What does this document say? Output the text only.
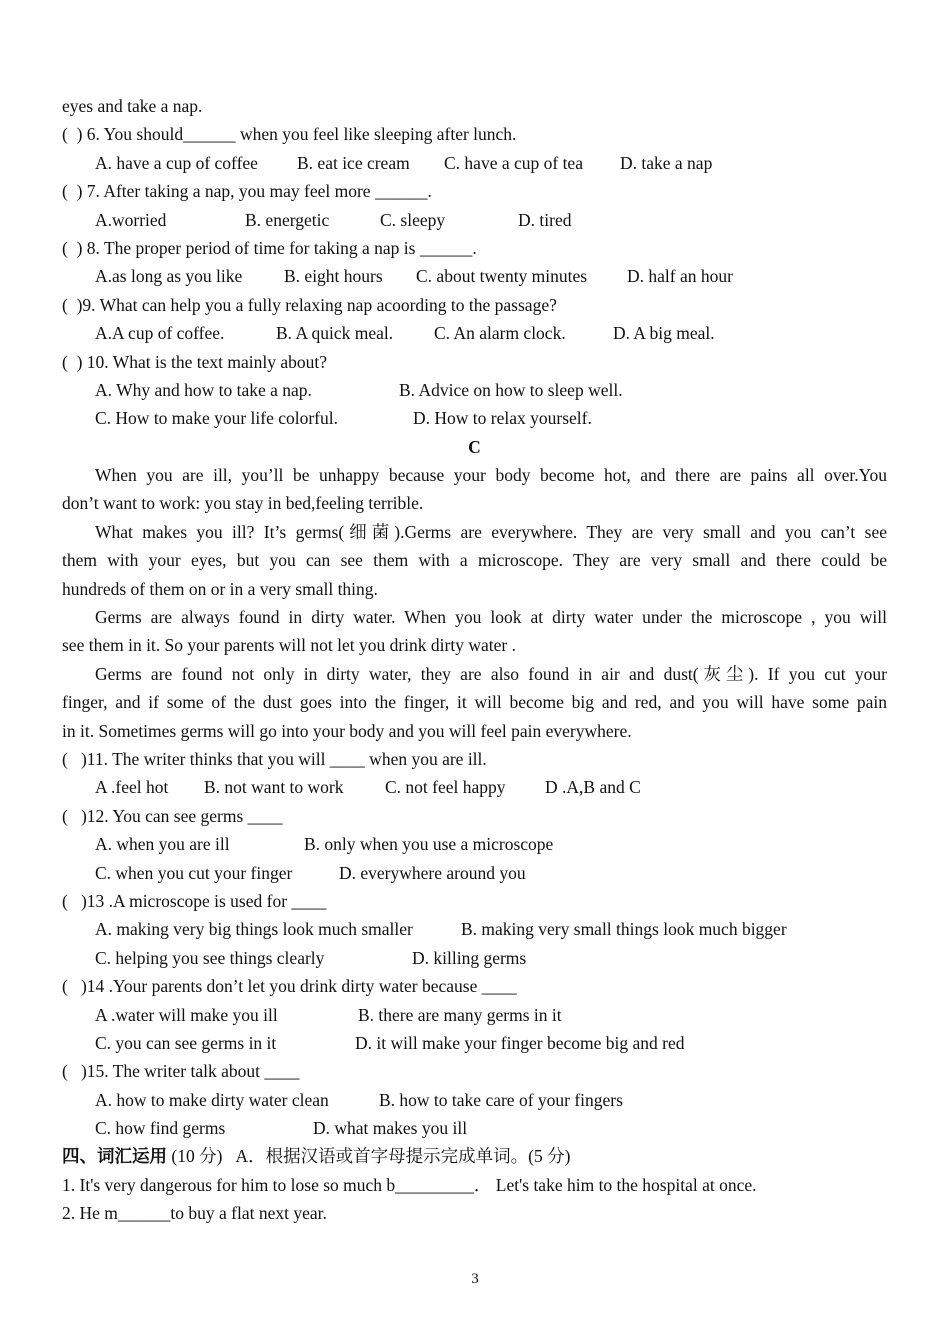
eyes and take a nap.
(  ) 6. You should______ when you feel like sleeping after lunch.
A. have a cup of coffee B. eat ice cream C. have a cup of tea D. take a nap
(  ) 7. After taking a nap, you may feel more ______.
A.worried	B. energetic	C. sleepy	D. tired
(  ) 8. The proper period of time for taking a nap is ______.
A.as long as you like B. eight hours C. about twenty minutes D. half an hour
(  )9. What can help you a fully relaxing nap acoording to the passage?
A.A cup of coffee.	B. A quick meal. C. An alarm clock.	D. A big meal.
(  ) 10. What is the text mainly about?
A. Why and how to take a nap.	B. Advice on how to sleep well.
C. How to make your life colorful.	D. How to relax yourself.
C
When you are ill, you’ll be unhappy because your body become hot, and there are pains all over.You
don’t want to work: you stay in bed,feeling terrible.
What makes you ill? It’s germs(细菌).Germs are everywhere. They are very small and you can’t see
them with your eyes, but you can see them with a microscope. They are very small and there could be
hundreds of them on or in a very small thing.
Germs are always found in dirty water. When you look at dirty water under the microscope , you will
see them in it. So your parents will not let you drink dirty water .
Germs are found not only in dirty water, they are also found in air and dust(灰尘). If you cut your
finger, and if some of the dust goes into the finger, it will become big and red, and you will have some pain
in it. Sometimes germs will go into your body and you will feel pain everywhere.
(   )11. The writer thinks that you will ____ when you are ill.
A .feel hot B. not want to work C. not feel happy D .A,B and C
(   )12. You can see germs ____
A. when you are ill	B. only when you use a microscope
C. when you cut your finger	D. everywhere around you
(   )13 .A microscope is used for ____
A. making very big things look much smaller	B. making very small things look much bigger
C. helping you see things clearly	D. killing germs
(   )14 .Your parents don’t let you drink dirty water because ____
A .water will make you ill	B. there are many germs in it
C. you can see germs in it	D. it will make your finger become big and red
(   )15. The writer talk about ____
A. how to make dirty water clean	B. how to take care of your fingers
C. how find germs	D. what makes you ill
四、词汇运用 (10 分)   A．根据汉语或首字母提示完成单词。(5 分)
1. It's very dangerous for him to lose so much b_________． Let's take him to the hospital at once.
2. He m______to buy a flat next year.
3
